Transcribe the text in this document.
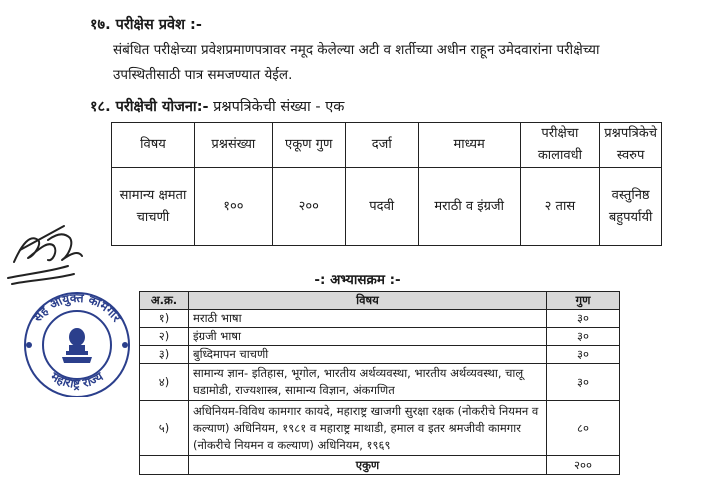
१७. परीक्षेस प्रवेश :-
संबंधित परीक्षेच्या प्रवेशप्रमाणपत्रावर नमूद केलेल्या अटी व शर्तीच्या अधीन राहून उमेदवारांना परीक्षेच्या
उपस्थितीसाठी पात्र समजण्यात येईल.
१८. परीक्षेची योजना:- प्रश्नपत्रिकेची संख्या - एक
विषय	प्रश्नसंख्या	एकूण गुण	दर्जा	माध्यम	परीक्षेचा कालावधी	प्रश्नपत्रिकेचे स्वरुप
सामान्य क्षमता चाचणी	१००	२००	पदवी	मराठी व इंग्रजी	२ तास	वस्तुनिष्ठ बहुपर्यायी
-: अभ्यासक्रम :-
अ.क्र.	विषय	गुण
१)	मराठी भाषा	३०
२)	इंग्रजी भाषा	३०
३)	बुध्दिमापन चाचणी	३०
४)	सामान्य ज्ञान- इतिहास, भूगोल, भारतीय अर्थव्यवस्था, भारतीय अर्थव्यवस्था, चालू घडामोडी, राज्यशास्त्र, सामान्य विज्ञान, अंकगणित	३०
५)	अधिनियम-विविध कामगार कायदे, महाराष्ट्र खाजगी सुरक्षा रक्षक (नोकरीचे नियमन व कल्याण) अधिनियम, १९८१ व महाराष्ट्र माथाडी, हमाल व इतर श्रमजीवी कामगार (नोकरीचे नियमन व कल्याण) अधिनियम, १९६९	८०
	एकुण	२००
सह आयुक्त कामगार
महाराष्ट्र राज्य
